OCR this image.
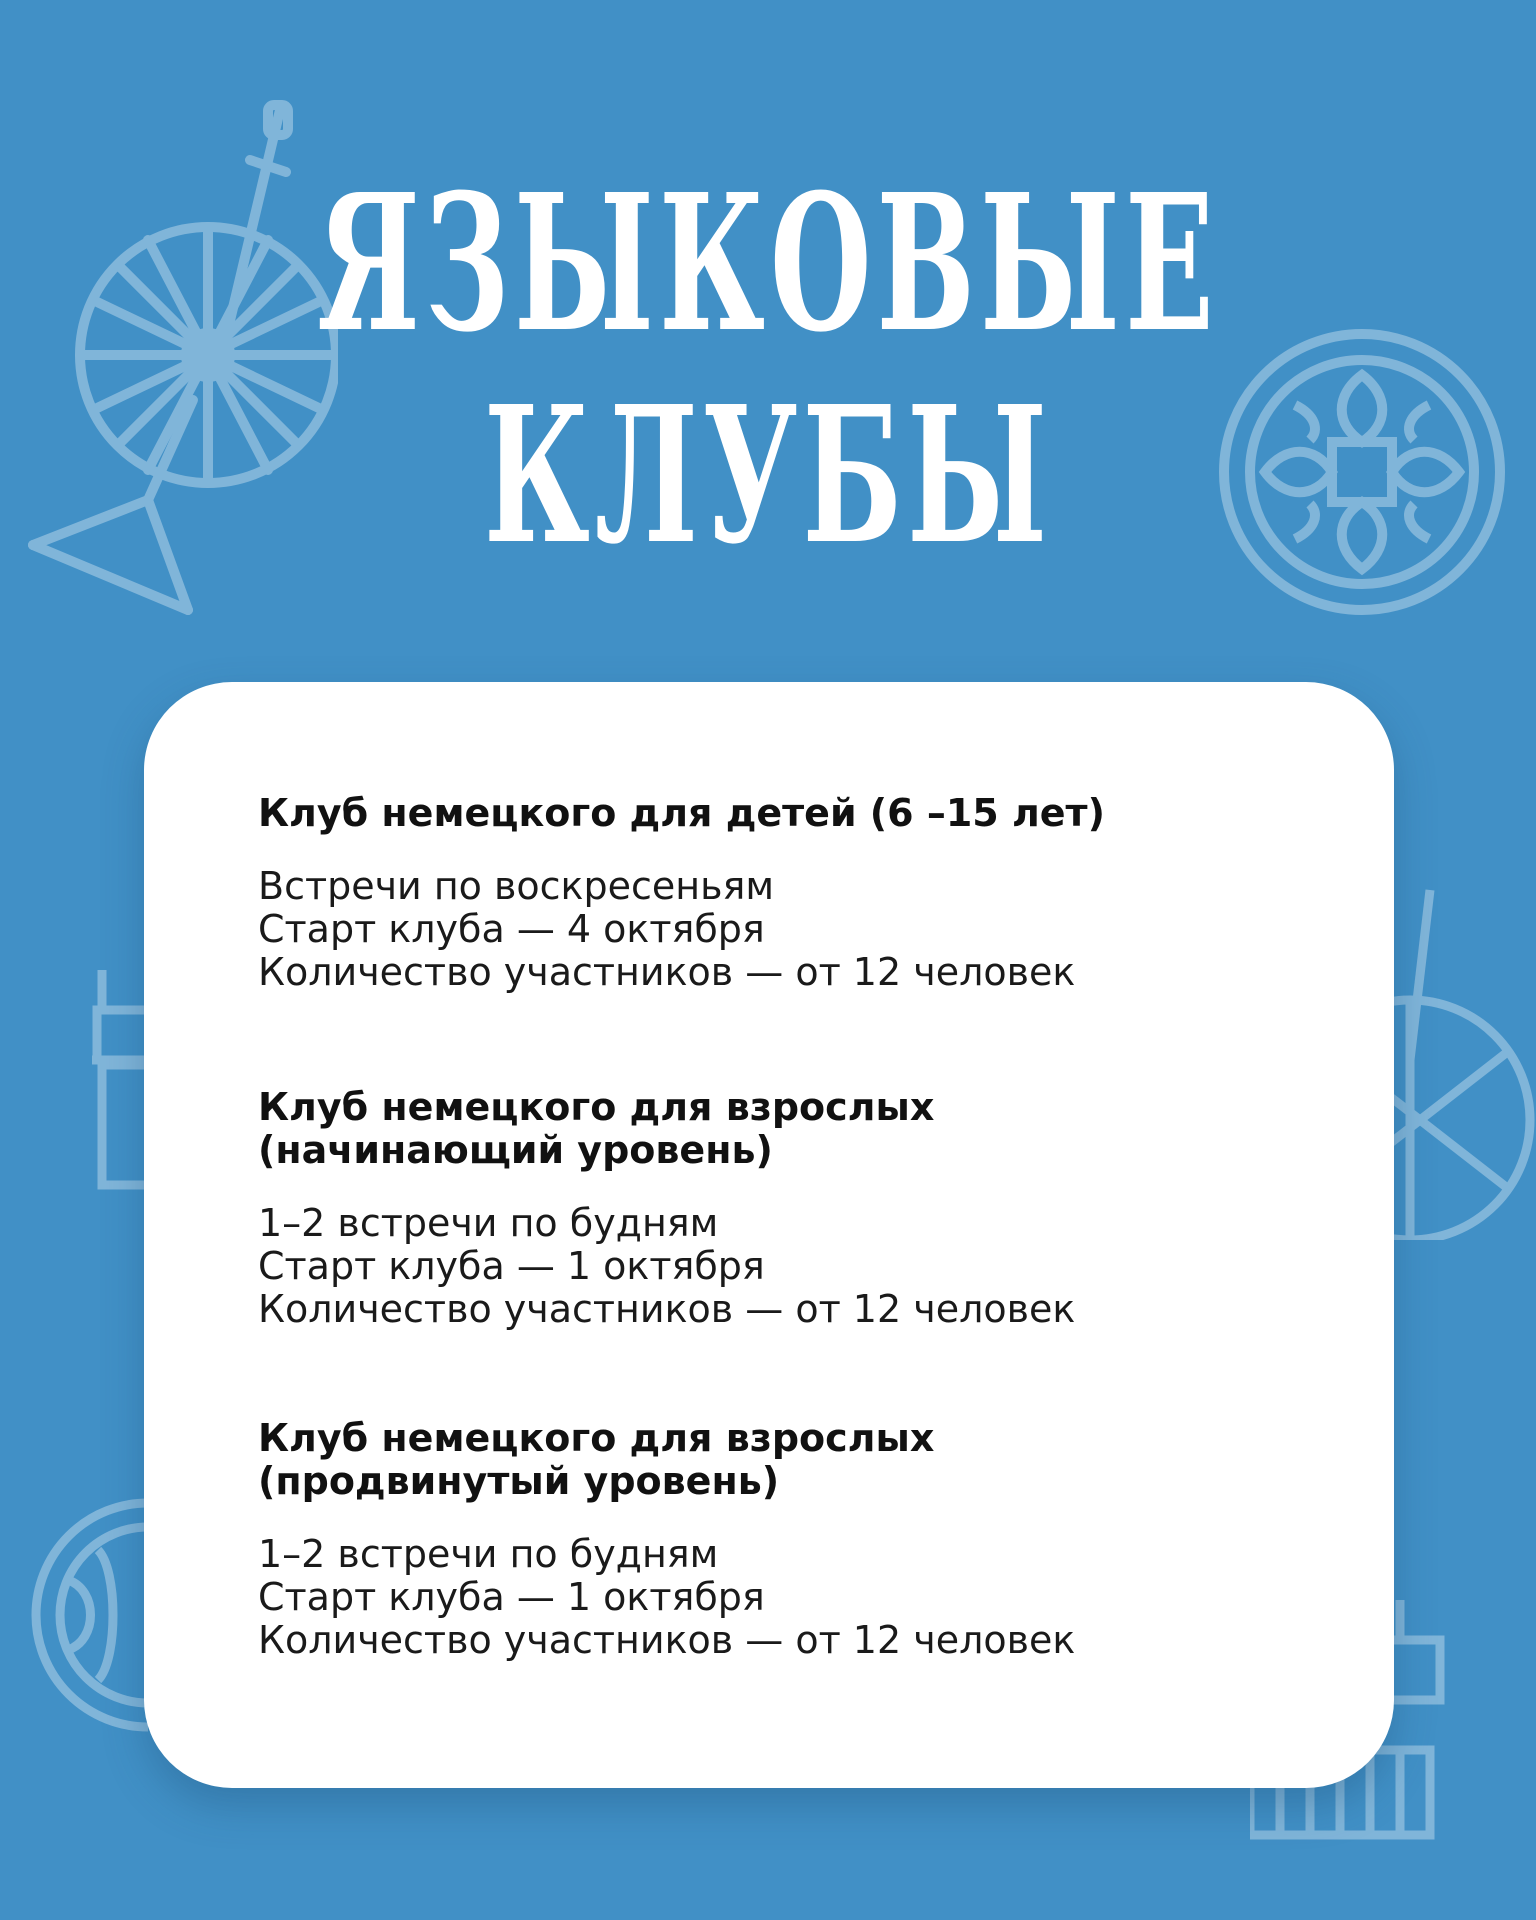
ЯЗЫКОВЫЕ
КЛУБЫ
Клуб немецкого для детей (6 –15 лет)
Встречи по воскресеньям
Старт клуба — 4 октября
Количество участников — от 12 человек
Клуб немецкого для взрослых
(начинающий уровень)
1–2 встречи по будням
Старт клуба — 1 октября
Количество участников — от 12 человек
Клуб немецкого для взрослых
(продвинутый уровень)
1–2 встречи по будням
Старт клуба — 1 октября
Количество участников — от 12 человек
